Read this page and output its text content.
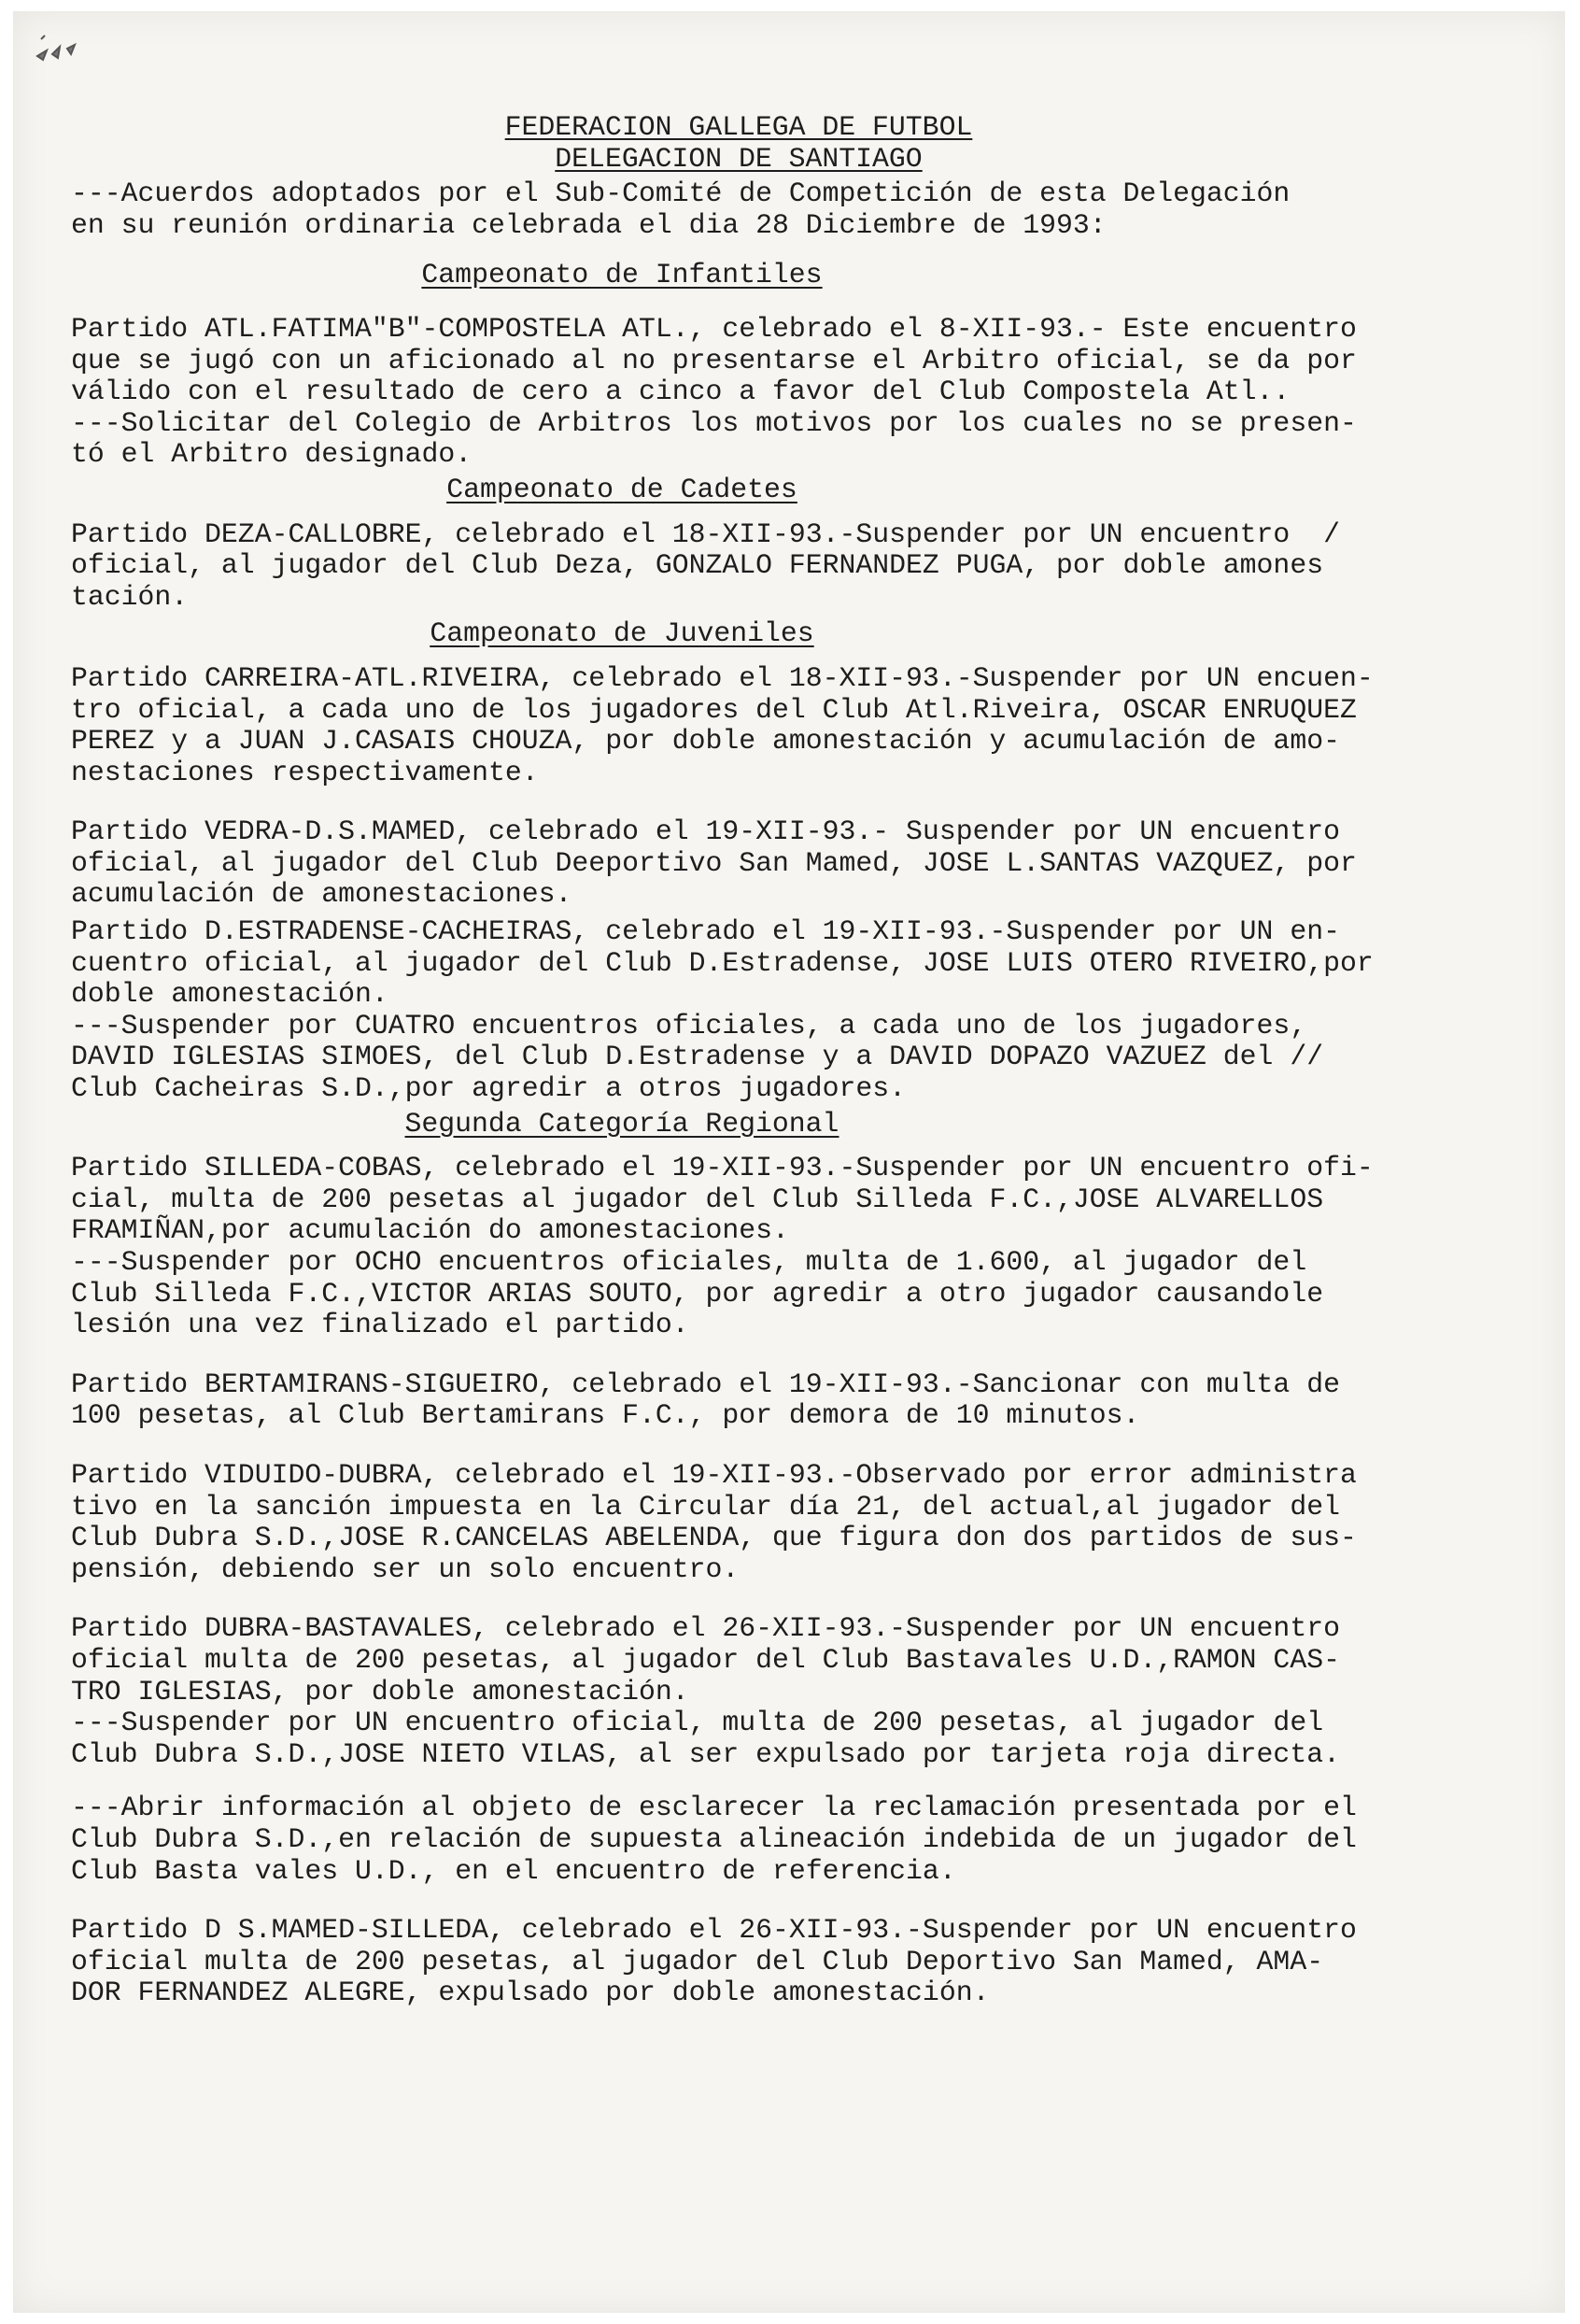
FEDERACION GALLEGA DE FUTBOL
DELEGACION DE SANTIAGO
---Acuerdos adoptados por el Sub-Comité de Competición de esta Delegación
en su reunión ordinaria celebrada el dia 28 Diciembre de 1993:
Campeonato de Infantiles
Partido ATL.FATIMA"B"-COMPOSTELA ATL., celebrado el 8-XII-93.- Este encuentro
que se jugó con un aficionado al no presentarse el Arbitro oficial, se da por
válido con el resultado de cero a cinco a favor del Club Compostela Atl..
---Solicitar del Colegio de Arbitros los motivos por los cuales no se presen-
tó el Arbitro designado.
Campeonato de Cadetes
Partido DEZA-CALLOBRE, celebrado el 18-XII-93.-Suspender por UN encuentro  /
oficial, al jugador del Club Deza, GONZALO FERNANDEZ PUGA, por doble amones
tación.
Campeonato de Juveniles
Partido CARREIRA-ATL.RIVEIRA, celebrado el 18-XII-93.-Suspender por UN encuen-
tro oficial, a cada uno de los jugadores del Club Atl.Riveira, OSCAR ENRUQUEZ
PEREZ y a JUAN J.CASAIS CHOUZA, por doble amonestación y acumulación de amo-
nestaciones respectivamente.
Partido VEDRA-D.S.MAMED, celebrado el 19-XII-93.- Suspender por UN encuentro
oficial, al jugador del Club Deeportivo San Mamed, JOSE L.SANTAS VAZQUEZ, por
acumulación de amonestaciones.
Partido D.ESTRADENSE-CACHEIRAS, celebrado el 19-XII-93.-Suspender por UN en-
cuentro oficial, al jugador del Club D.Estradense, JOSE LUIS OTERO RIVEIRO,por
doble amonestación.
---Suspender por CUATRO encuentros oficiales, a cada uno de los jugadores,
DAVID IGLESIAS SIMOES, del Club D.Estradense y a DAVID DOPAZO VAZUEZ del //
Club Cacheiras S.D.,por agredir a otros jugadores.
Segunda Categoría Regional
Partido SILLEDA-COBAS, celebrado el 19-XII-93.-Suspender por UN encuentro ofi-
cial, multa de 200 pesetas al jugador del Club Silleda F.C.,JOSE ALVARELLOS
FRAMIÑAN,por acumulación do amonestaciones.
---Suspender por OCHO encuentros oficiales, multa de 1.600, al jugador del
Club Silleda F.C.,VICTOR ARIAS SOUTO, por agredir a otro jugador causandole
lesión una vez finalizado el partido.
Partido BERTAMIRANS-SIGUEIRO, celebrado el 19-XII-93.-Sancionar con multa de
100 pesetas, al Club Bertamirans F.C., por demora de 10 minutos.
Partido VIDUIDO-DUBRA, celebrado el 19-XII-93.-Observado por error administra
tivo en la sanción impuesta en la Circular día 21, del actual,al jugador del
Club Dubra S.D.,JOSE R.CANCELAS ABELENDA, que figura don dos partidos de sus-
pensión, debiendo ser un solo encuentro.
Partido DUBRA-BASTAVALES, celebrado el 26-XII-93.-Suspender por UN encuentro
oficial multa de 200 pesetas, al jugador del Club Bastavales U.D.,RAMON CAS-
TRO IGLESIAS, por doble amonestación.
---Suspender por UN encuentro oficial, multa de 200 pesetas, al jugador del
Club Dubra S.D.,JOSE NIETO VILAS, al ser expulsado por tarjeta roja directa.
---Abrir información al objeto de esclarecer la reclamación presentada por el
Club Dubra S.D.,en relación de supuesta alineación indebida de un jugador del
Club Basta vales U.D., en el encuentro de referencia.
Partido D S.MAMED-SILLEDA, celebrado el 26-XII-93.-Suspender por UN encuentro
oficial multa de 200 pesetas, al jugador del Club Deportivo San Mamed, AMA-
DOR FERNANDEZ ALEGRE, expulsado por doble amonestación.
